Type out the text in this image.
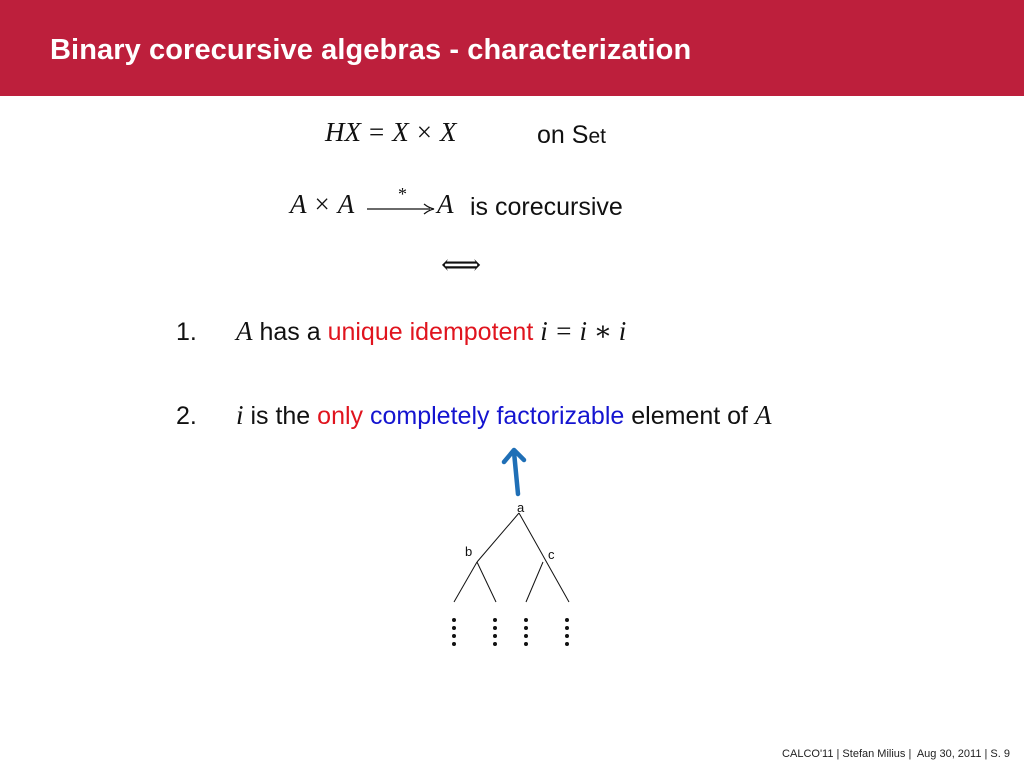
Binary corecursive algebras - characterization
HX = X × X	on Set
A × A * A is corecursive
⟺
1. A has a unique idempotent i = i ∗ i
2. i is the only completely factorizable element of A
a
b	c
CALCO'11 | Stefan Milius |  Aug 30, 2011 | S. 9
